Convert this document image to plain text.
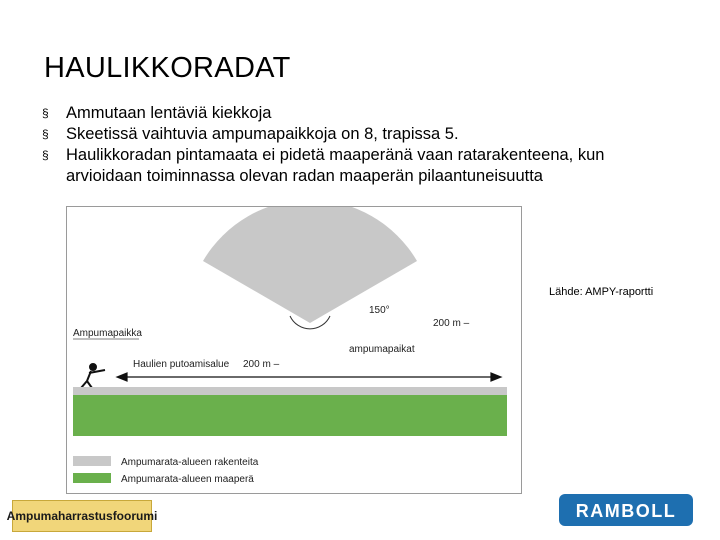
HAULIKKORADAT
§ Ammutaan lentäviä kiekkoja
§ Skeetissä vaihtuvia ampumapaikkoja on 8, trapissa 5.
§ Haulikkoradan pintamaata ei pidetä maaperänä vaan ratarakenteena, kun arvioidaan toiminnassa olevan radan maaperän pilaantuneisuutta
150°
200 m –
ampumapaikat
Ampumapaikka
Haulien putoamisalue 200 m –
Ampumarata-alueen rakenteita
Ampumarata-alueen maaperä
Lähde: AMPY-raportti
Ampumaharrastusfoorumi	RAMBOLL
